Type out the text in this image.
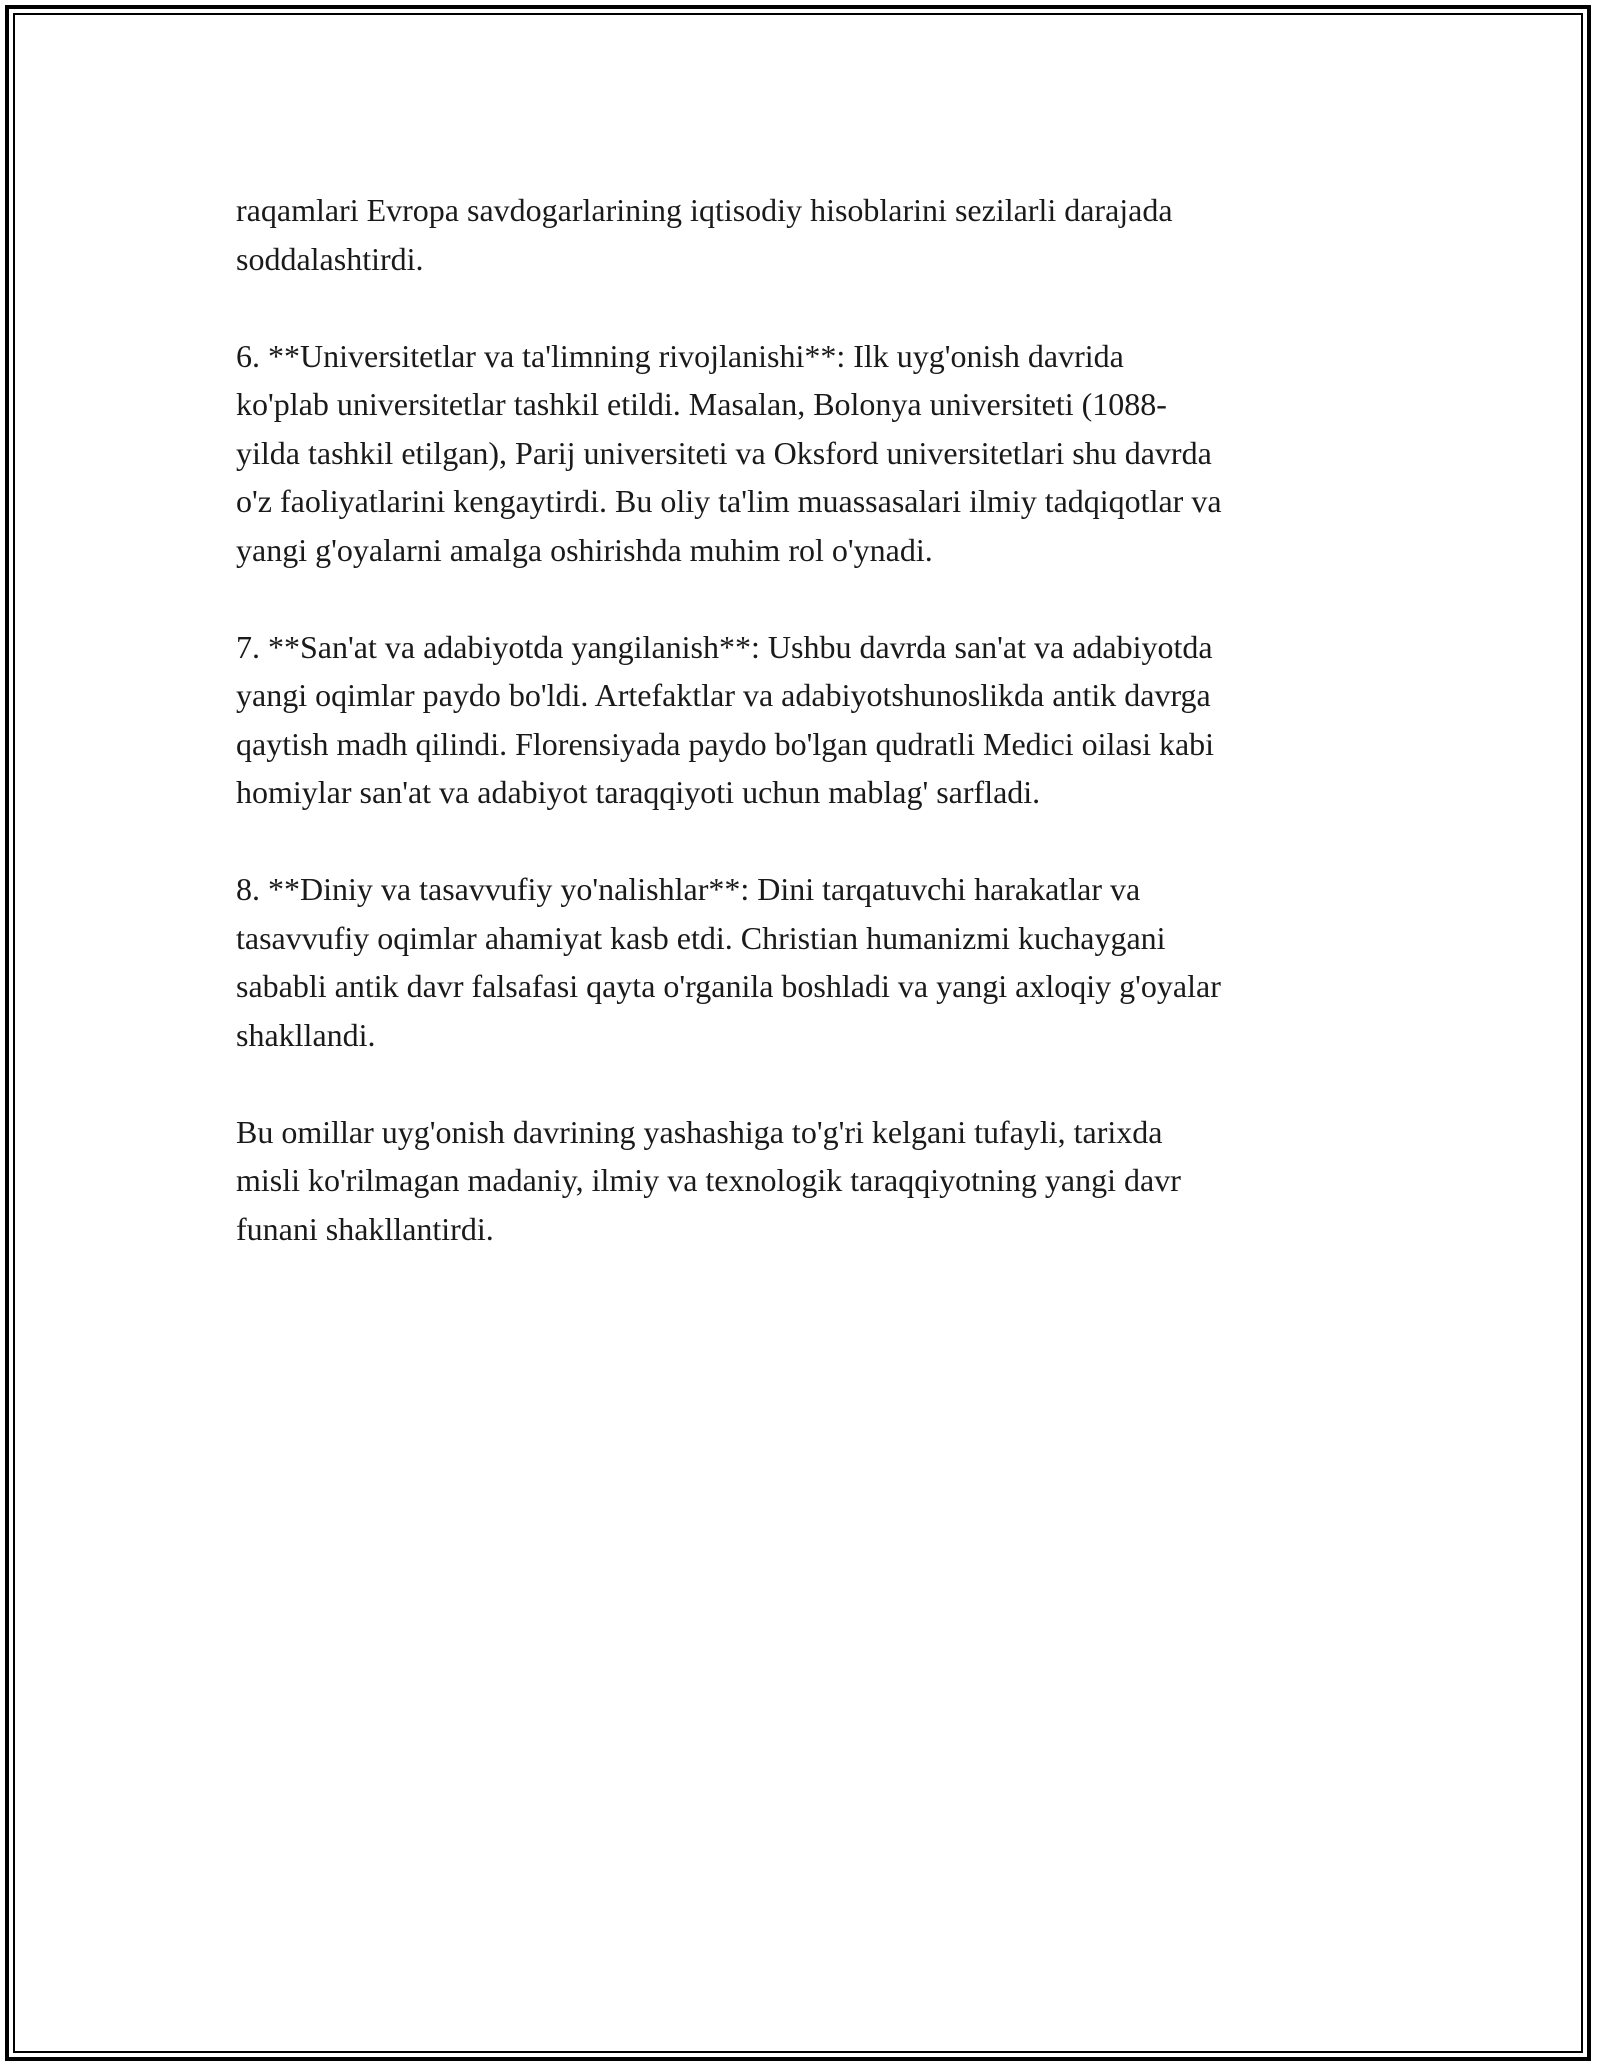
raqamlari Evropa savdogarlarining iqtisodiy hisoblarini sezilarli darajada
soddalashtirdi.

6. **Universitetlar va ta'limning rivojlanishi**: Ilk uyg'onish davrida
ko'plab universitetlar tashkil etildi. Masalan, Bolonya universiteti (1088-
yilda tashkil etilgan), Parij universiteti va Oksford universitetlari shu davrda
o'z faoliyatlarini kengaytirdi. Bu oliy ta'lim muassasalari ilmiy tadqiqotlar va
yangi g'oyalarni amalga oshirishda muhim rol o'ynadi.

7. **San'at va adabiyotda yangilanish**: Ushbu davrda san'at va adabiyotda
yangi oqimlar paydo bo'ldi. Artefaktlar va adabiyotshunoslikda antik davrga
qaytish madh qilindi. Florensiyada paydo bo'lgan qudratli Medici oilasi kabi
homiylar san'at va adabiyot taraqqiyoti uchun mablag' sarfladi.

8. **Diniy va tasavvufiy yo'nalishlar**: Dini tarqatuvchi harakatlar va
tasavvufiy oqimlar ahamiyat kasb etdi. Christian humanizmi kuchaygani
sababli antik davr falsafasi qayta o'rganila boshladi va yangi axloqiy g'oyalar
shakllandi.

Bu omillar uyg'onish davrining yashashiga to'g'ri kelgani tufayli, tarixda
misli ko'rilmagan madaniy, ilmiy va texnologik taraqqiyotning yangi davr
funani shakllantirdi.
